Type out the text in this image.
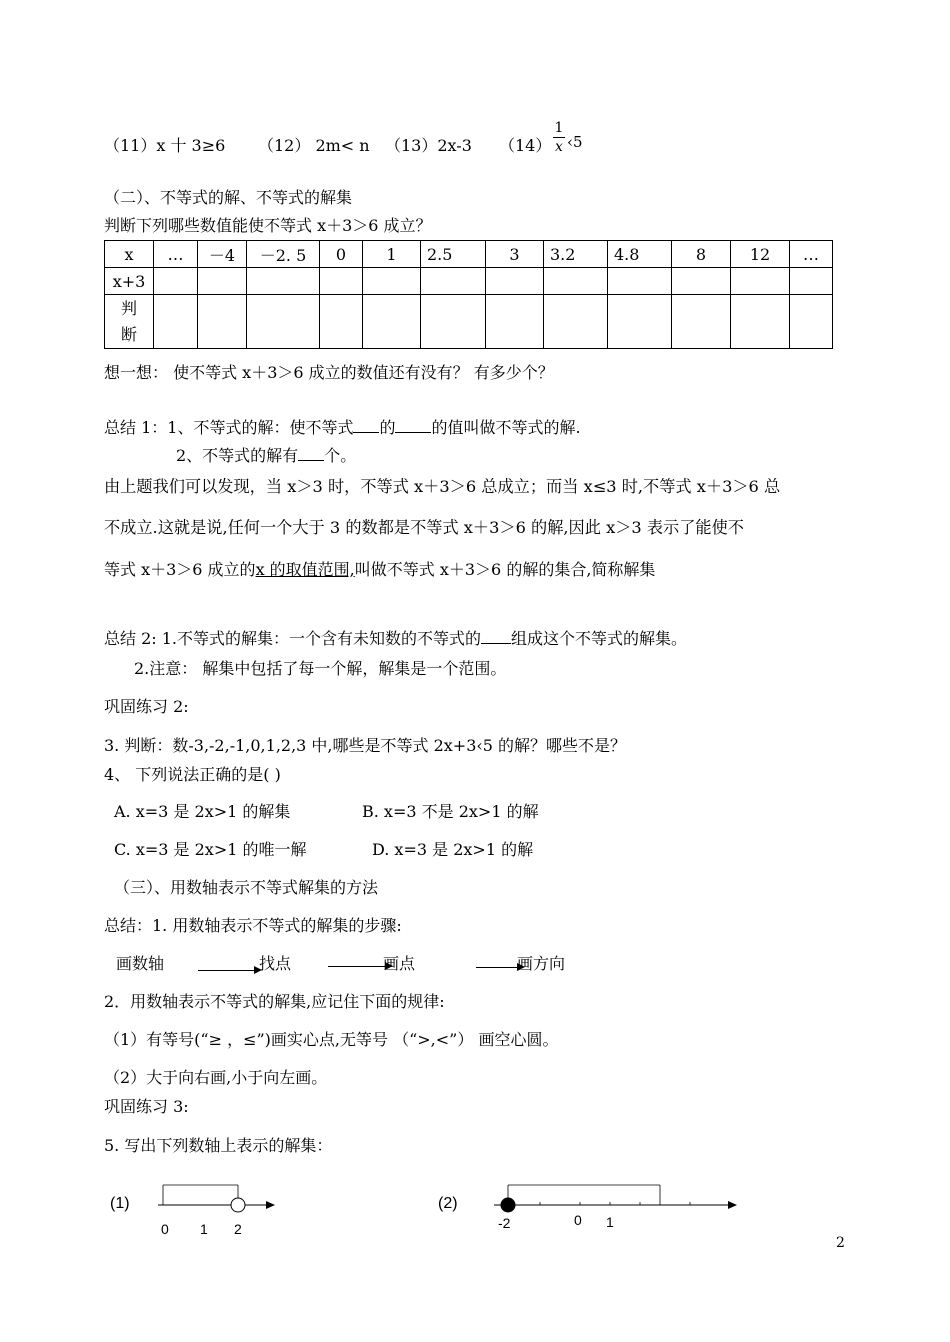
（11）x 十 3≥6 （12） 2m< n （13）2x-3 （14）
1
x ‹5
（二）、不等式的解、不等式的解集
判断下列哪些数值能使不等式 x＋3＞6 成立？
x	…	－4	－2. 5	0	1	2.5	3	3.2	4.8	8	12	…
x+3												

判断												

想一想： 使不等式 x＋3＞6 成立的数值还有没有？ 有多少个？
总结 1：1、不等式的解：使不等式 的 的值叫做不等式的解.
2、不等式的解有 个。
由上题我们可以发现，当 x＞3 时，不等式 x＋3＞6 总成立；而当 x≤3 时,不等式 x＋3＞6 总
不成立.这就是说,任何一个大于 3 的数都是不等式 x＋3＞6 的解,因此 x＞3 表示了能使不
等式 x＋3＞6 成立的x 的取值范围,叫做不等式 x＋3＞6 的解的集合,简称解集
总结 2: 1.不等式的解集：一个含有未知数的不等式的 组成这个不等式的解集。
2.注意： 解集中包括了每一个解，解集是一个范围。
巩固练习 2:
3. 判断：数-3,-2,-1,0,1,2,3 中,哪些是不等式 2x+3‹5 的解？哪些不是？
4、 下列说法正确的是( )
A. x=3 是 2x>1 的解集	B. x=3 不是 2x>1 的解
C. x=3 是 2x>1 的唯一解	D. x=3 是 2x>1 的解
（三）、用数轴表示不等式解集的方法
总结：1. 用数轴表示不等式的解集的步骤:
画数轴	找点	画点	画方向
2．用数轴表示不等式的解集,应记住下面的规律:
（1）有等号(“≥ ，≤”)画实心点,无等号 （“>,<”） 画空心圆。
（2）大于向右画,小于向左画。
巩固练习 3:
5. 写出下列数轴上表示的解集：
(1)
0 1 2
(2)
-2	0 1
2
